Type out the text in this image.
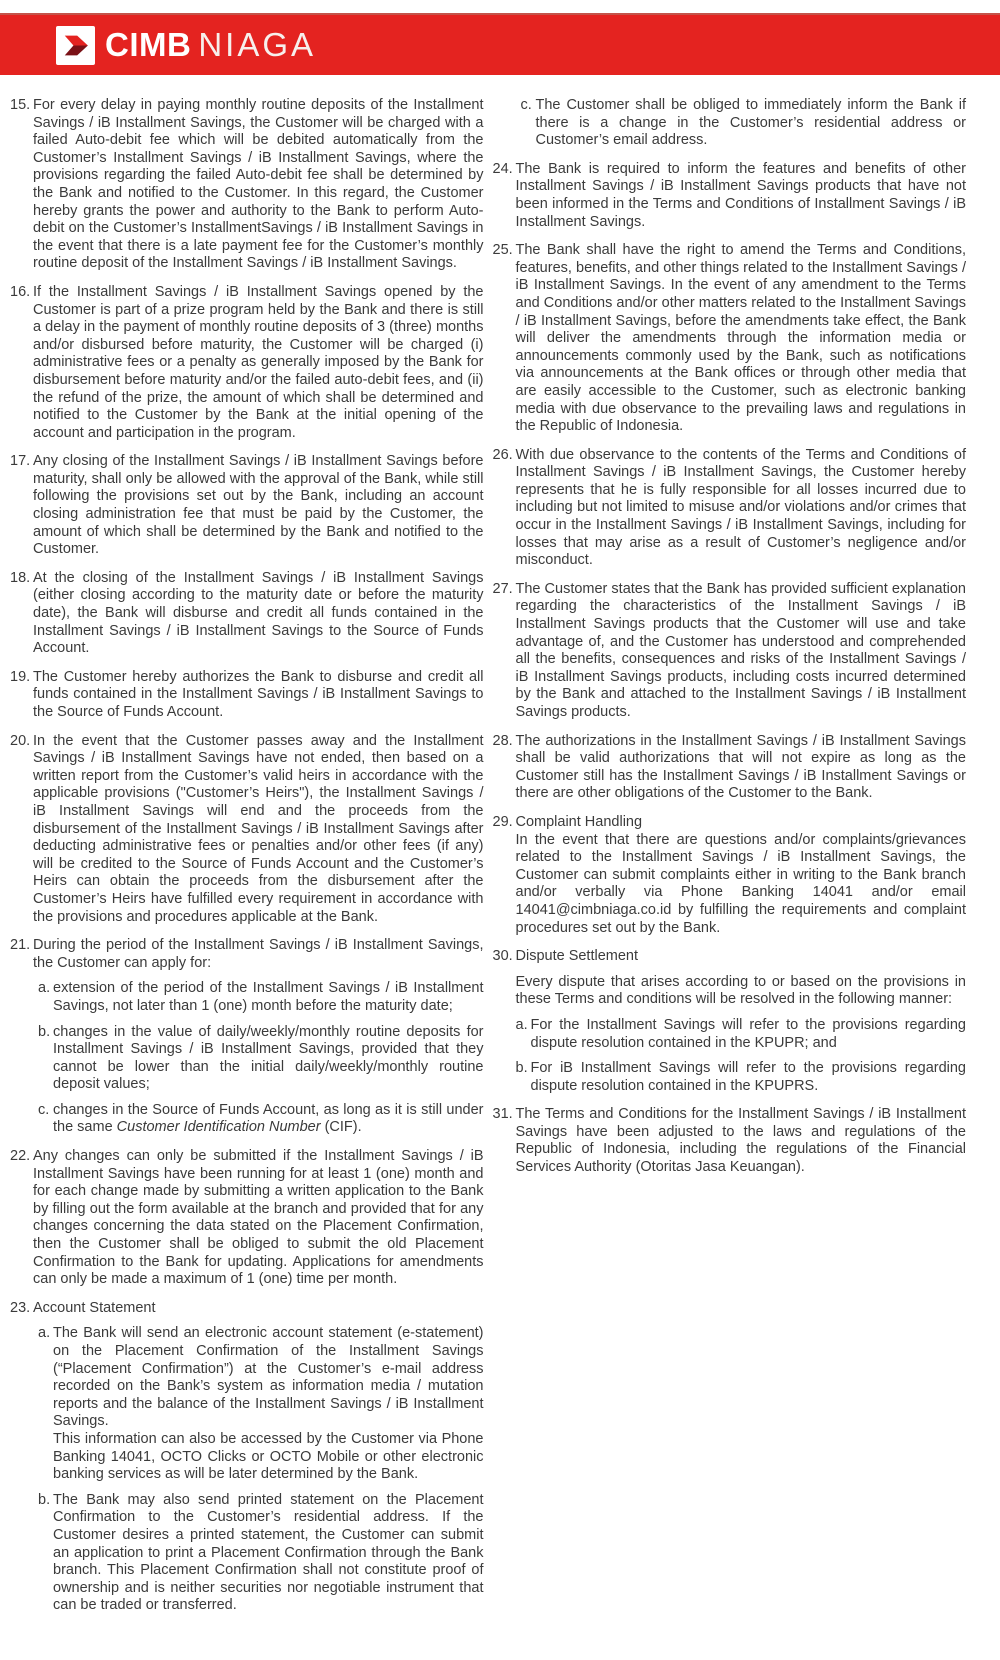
CIMB NIAGA
15. For every delay in paying monthly routine deposits of the Installment Savings / iB Installment Savings, the Customer will be charged with a failed Auto-debit fee which will be debited automatically from the Customer’s Installment Savings / iB Installment Savings, where the provisions regarding the failed Auto-debit fee shall be determined by the Bank and notified to the Customer. In this regard, the Customer hereby grants the power and authority to the Bank to perform Auto-debit on the Customer’s InstallmentSavings / iB Installment Savings in the event that there is a late payment fee for the Customer’s monthly routine deposit of the Installment Savings / iB Installment Savings.
16. If the Installment Savings / iB Installment Savings opened by the Customer is part of a prize program held by the Bank and there is still a delay in the payment of monthly routine deposits of 3 (three) months and/or disbursed before maturity, the Customer will be charged (i) administrative fees or a penalty as generally imposed by the Bank for disbursement before maturity and/or the failed auto-debit fees, and (ii) the refund of the prize, the amount of which shall be determined and notified to the Customer by the Bank at the initial opening of the account and participation in the program.
17. Any closing of the Installment Savings / iB Installment Savings before maturity, shall only be allowed with the approval of the Bank, while still following the provisions set out by the Bank, including an account closing administration fee that must be paid by the Customer, the amount of which shall be determined by the Bank and notified to the Customer.
18. At the closing of the Installment Savings / iB Installment Savings (either closing according to the maturity date or before the maturity date), the Bank will disburse and credit all funds contained in the Installment Savings / iB Installment Savings to the Source of Funds Account.
19. The Customer hereby authorizes the Bank to disburse and credit all funds contained in the Installment Savings / iB Installment Savings to the Source of Funds Account.
20. In the event that the Customer passes away and the Installment Savings / iB Installment Savings have not ended, then based on a written report from the Customer’s valid heirs in accordance with the applicable provisions ("Customer’s Heirs"), the Installment Savings / iB Installment Savings will end and the proceeds from the disbursement of the Installment Savings / iB Installment Savings after deducting administrative fees or penalties and/or other fees (if any) will be credited to the Source of Funds Account and the Customer’s Heirs can obtain the proceeds from the disbursement after the Customer’s Heirs have fulfilled every requirement in accordance with the provisions and procedures applicable at the Bank.
21. During the period of the Installment Savings / iB Installment Savings, the Customer can apply for:
a. extension of the period of the Installment Savings / iB Installment Savings, not later than 1 (one) month before the maturity date;
b. changes in the value of daily/weekly/monthly routine deposits for Installment Savings / iB Installment Savings, provided that they cannot be lower than the initial daily/weekly/monthly routine deposit values;
c. changes in the Source of Funds Account, as long as it is still under the same Customer Identification Number (CIF).
22. Any changes can only be submitted if the Installment Savings / iB Installment Savings have been running for at least 1 (one) month and for each change made by submitting a written application to the Bank by filling out the form available at the branch and provided that for any changes concerning the data stated on the Placement Confirmation, then the Customer shall be obliged to submit the old Placement Confirmation to the Bank for updating. Applications for amendments can only be made a maximum of 1 (one) time per month.
23. Account Statement
a. The Bank will send an electronic account statement (e-statement) on the Placement Confirmation of the Installment Savings (“Placement Confirmation”) at the Customer’s e-mail address recorded on the Bank’s system as information media / mutation reports and the balance of the Installment Savings / iB Installment Savings.
This information can also be accessed by the Customer via Phone Banking 14041, OCTO Clicks or OCTO Mobile or other electronic banking services as will be later determined by the Bank.
b. The Bank may also send printed statement on the Placement Confirmation to the Customer’s residential address. If the Customer desires a printed statement, the Customer can submit an application to print a Placement Confirmation through the Bank branch. This Placement Confirmation shall not constitute proof of ownership and is neither securities nor negotiable instrument that can be traded or transferred.
c. The Customer shall be obliged to immediately inform the Bank if there is a change in the Customer’s residential address or Customer’s email address.
24. The Bank is required to inform the features and benefits of other Installment Savings / iB Installment Savings products that have not been informed in the Terms and Conditions of Installment Savings / iB Installment Savings.
25. The Bank shall have the right to amend the Terms and Conditions, features, benefits, and other things related to the Installment Savings / iB Installment Savings. In the event of any amendment to the Terms and Conditions and/or other matters related to the Installment Savings / iB Installment Savings, before the amendments take effect, the Bank will deliver the amendments through the information media or announcements commonly used by the Bank, such as notifications via announcements at the Bank offices or through other media that are easily accessible to the Customer, such as electronic banking media with due observance to the prevailing laws and regulations in the Republic of Indonesia.
26. With due observance to the contents of the Terms and Conditions of Installment Savings / iB Installment Savings, the Customer hereby represents that he is fully responsible for all losses incurred due to including but not limited to misuse and/or violations and/or crimes that occur in the Installment Savings / iB Installment Savings, including for losses that may arise as a result of Customer’s negligence and/or misconduct.
27. The Customer states that the Bank has provided sufficient explanation regarding the characteristics of the Installment Savings / iB Installment Savings products that the Customer will use and take advantage of, and the Customer has understood and comprehended all the benefits, consequences and risks of the Installment Savings / iB Installment Savings products, including costs incurred determined by the Bank and attached to the Installment Savings / iB Installment Savings products.
28. The authorizations in the Installment Savings / iB Installment Savings shall be valid authorizations that will not expire as long as the Customer still has the Installment Savings / iB Installment Savings or there are other obligations of the Customer to the Bank.
29. Complaint Handling
In the event that there are questions and/or complaints/grievances related to the Installment Savings / iB Installment Savings, the Customer can submit complaints either in writing to the Bank branch and/or verbally via Phone Banking 14041 and/or email 14041@cimbniaga.co.id by fulfilling the requirements and complaint procedures set out by the Bank.
30. Dispute Settlement
Every dispute that arises according to or based on the provisions in these Terms and conditions will be resolved in the following manner:
a. For the Installment Savings will refer to the provisions regarding dispute resolution contained in the KPUPR; and
b. For iB Installment Savings will refer to the provisions regarding dispute resolution contained in the KPUPRS.
31. The Terms and Conditions for the Installment Savings / iB Installment Savings have been adjusted to the laws and regulations of the Republic of Indonesia, including the regulations of the Financial Services Authority (Otoritas Jasa Keuangan).
